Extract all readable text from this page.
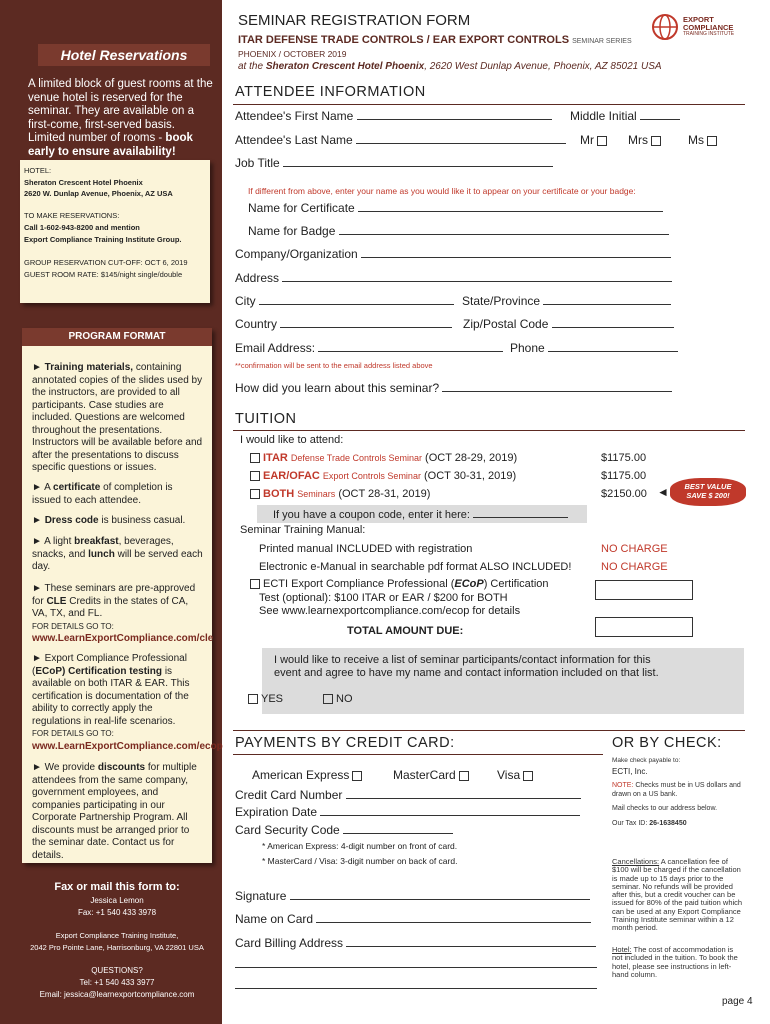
Hotel Reservations
A limited block of guest rooms at the venue hotel is reserved for the seminar. They are available on a first-come, first-served basis. Limited number of rooms - book early to ensure availability!
HOTEL:
Sheraton Crescent Hotel Phoenix
2620 W. Dunlap Avenue, Phoenix, AZ USA
TO MAKE RESERVATIONS:
Call 1-602-943-8200 and mention
Export Compliance Training Institute Group.
GROUP RESERVATION CUT-OFF: OCT 6, 2019
GUEST ROOM RATE: $145/night single/double
► Training materials, containing annotated copies of the slides used by the instructors, are provided to all participants. Case studies are included. Questions are welcomed throughout the presentations. Instructors will be available before and after the presentations to discuss specific questions or issues.
► A certificate of completion is issued to each attendee.
► Dress code is business casual.
► A light breakfast, beverages, snacks, and lunch will be served each day.
► These seminars are pre-approved for CLE Credits in the states of CA, VA, TX, and FL.
FOR DETAILS GO TO:
www.LearnExportCompliance.com/cle
► Export Compliance Professional (ECoP) Certification testing is available on both ITAR & EAR. This certification is documentation of the ability to correctly apply the regulations in real-life scenarios.
FOR DETAILS GO TO:
www.LearnExportCompliance.com/ecop
► We provide discounts for multiple attendees from the same company, government employees, and companies participating in our Corporate Partnership Program. All discounts must be arranged prior to the seminar date. Contact us for details.
PROGRAM FORMAT
Fax or mail this form to:
Jessica Lemon
Fax: +1 540 433 3978
Export Compliance Training Institute,
2042 Pro Pointe Lane, Harrisonburg, VA 22801 USA
QUESTIONS?
Tel: +1 540 433 3977
Email: jessica@learnexportcompliance.com
SEMINAR REGISTRATION FORM
ITAR DEFENSE TRADE CONTROLS / EAR EXPORT CONTROLS SEMINAR SERIES
PHOENIX / OCTOBER 2019
at the Sheraton Crescent Hotel Phoenix, 2620 West Dunlap Avenue, Phoenix, AZ 85021 USA
EXPORT
COMPLIANCE
TRAINING INSTITUTE
ATTENDEE INFORMATION
Attendee's First Name	Middle Initial
Attendee's Last Name	Mr	Mrs	Ms
Job Title
If different from above, enter your name as you would like it to appear on your certificate or your badge:
Name for Certificate
Name for Badge
Company/Organization
Address
City	State/Province
Country	Zip/Postal Code
Email Address:	Phone
**confirmation will be sent to the email address listed above
How did you learn about this seminar?
TUITION
I would like to attend:
ITAR Defense Trade Controls Seminar (OCT 28-29, 2019)	$1175.00
EAR/OFAC Export Controls Seminar (OCT 30-31, 2019)	$1175.00
BOTH Seminars (OCT 28-31, 2019)	$2150.00 ◄	BEST VALUE
SAVE $ 200!
If you have a coupon code, enter it here:
Seminar Training Manual:
Printed manual INCLUDED with registration	NO CHARGE
Electronic e-Manual in searchable pdf format ALSO INCLUDED!	NO CHARGE
ECTI Export Compliance Professional (ECoP) Certification
Test (optional): $100 ITAR or EAR / $200 for BOTH
See www.learnexportcompliance.com/ecop for details
TOTAL AMOUNT DUE:
I would like to receive a list of seminar participants/contact information for this event and agree to have my name and contact information included on that list.
YES	NO
PAYMENTS BY CREDIT CARD:	OR BY CHECK:
American Express	MasterCard	Visa
Credit Card Number
Expiration Date
Card Security Code
* American Express: 4-digit number on front of card.
* MasterCard / Visa: 3-digit number on back of card.
Signature
Name on Card
Card Billing Address
Make check payable to:
ECTI, Inc.
NOTE: Checks must be in US dollars and drawn on a US bank.
Mail checks to our address below.
Our Tax ID: 26-1638450
Cancellations: A cancellation fee of $100 will be charged if the cancellation is made up to 15 days prior to the seminar. No refunds will be provided after this, but a credit voucher can be issued for 80% of the paid tuition which can be used at any Export Compliance Training Institute seminar within a 12 month period.
Hotel: The cost of accommodation is not included in the tuition. To book the hotel, please see instructions in left-hand column.
page 4
